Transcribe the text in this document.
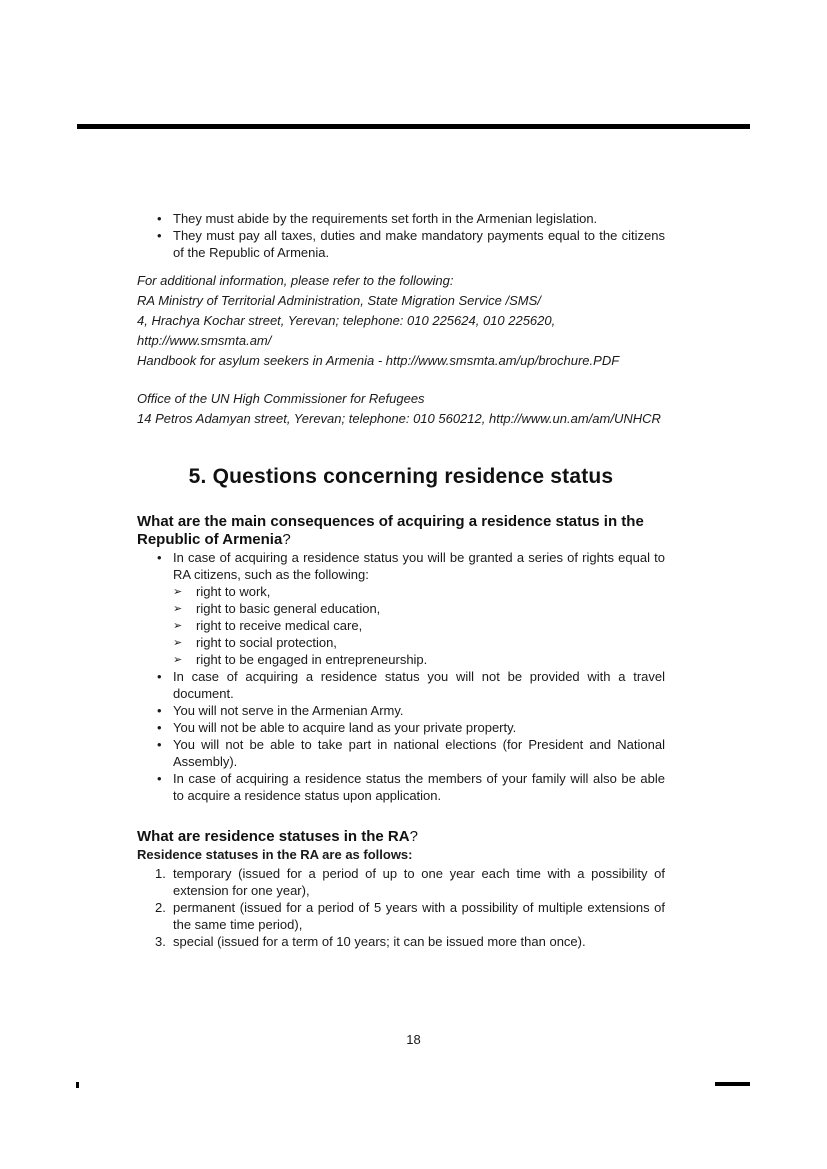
• They must abide by the requirements set forth in the Armenian legislation.
• They must pay all taxes, duties and make mandatory payments equal to the citizens of the Republic of Armenia.

For additional information, please refer to the following:

RA Ministry of Territorial Administration, State Migration Service /SMS/

4, Hrachya Kochar street, Yerevan; telephone: 010 225624, 010 225620,

http://www.smsmta.am/

Handbook for asylum seekers in Armenia - http://www.smsmta.am/up/brochure.PDF

Office of the UN High Commissioner for Refugees

14 Petros Adamyan street, Yerevan; telephone: 010 560212, http://www.un.am/am/UNHCR

5. Questions concerning residence status
What are the main consequences of acquiring a residence status in the Republic of Armenia?
• In case of acquiring a residence status you will be granted a series of rights equal to RA citizens, such as the following:
➢ right to work,
➢ right to basic general education,
➢ right to receive medical care,
➢ right to social protection,
➢ right to be engaged in entrepreneurship.
• In case of acquiring a residence status you will not be provided with a travel document.
• You will not serve in the Armenian Army.
• You will not be able to acquire land as your private property.
• You will not be able to take part in national elections (for President and National Assembly).
• In case of acquiring a residence status the members of your family will also be able to acquire a residence status upon application.
What are residence statuses in the RA?

Residence statuses in the RA are as follows:

1. temporary (issued for a period of up to one year each time with a possibility of extension for one year),
2. permanent (issued for a period of 5 years with a possibility of multiple extensions of the same time period),
3. special (issued for a term of 10 years; it can be issued more than once).
18
